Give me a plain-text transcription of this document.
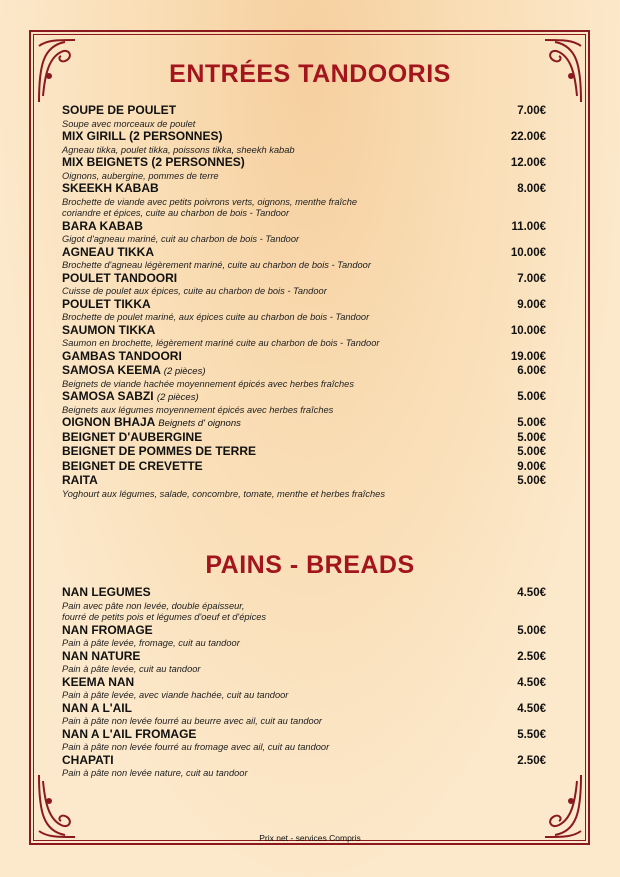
ENTRÉES TANDOORIS
SOUPE DE POULET	7.00€
Soupe avec morceaux de poulet
MIX GIRILL (2 PERSONNES)	22.00€
Agneau tikka, poulet tikka, poissons tikka, sheekh kabab
MIX BEIGNETS (2 PERSONNES)	12.00€
Oignons, aubergine, pommes de terre
SKEEKH KABAB	8.00€
Brochette de viande avec petits poivrons verts, oignons, menthe fraîche
coriandre et épices, cuite au charbon de bois - Tandoor
BARA KABAB	11.00€
Gigot d'agneau mariné, cuit au charbon de bois - Tandoor
AGNEAU TIKKA	10.00€
Brochette d'agneau légèrement mariné, cuite au charbon de bois - Tandoor
POULET TANDOORI	7.00€
Cuisse de poulet aux épices, cuite au charbon de bois - Tandoor
POULET TIKKA	9.00€
Brochette de poulet mariné, aux épices cuite au charbon de bois - Tandoor
SAUMON TIKKA	10.00€
Saumon en brochette, légèrement mariné cuite au charbon de bois - Tandoor
GAMBAS TANDOORI	19.00€
SAMOSA KEEMA (2 pièces)	6.00€
Beignets de viande hachée moyennement épicés avec herbes fraîches
SAMOSA SABZI (2 pièces)	5.00€
Beignets aux légumes moyennement épicés avec herbes fraîches
OIGNON BHAJA Beignets d' oignons	5.00€
BEIGNET D'AUBERGINE	5.00€
BEIGNET DE POMMES DE TERRE	5.00€
BEIGNET DE CREVETTE	9.00€
RAITA	5.00€
Yoghourt aux légumes, salade, concombre, tomate, menthe et herbes fraîches
PAINS - BREADS
NAN LEGUMES	4.50€
Pain avec pâte non levée, double épaisseur,
fourré de petits pois et légumes d'oeuf et d'épices
NAN FROMAGE	5.00€
Pain à pâte levée, fromage, cuit au tandoor
NAN NATURE	2.50€
Pain à pâte levée, cuit au tandoor
KEEMA NAN	4.50€
Pain à pâte levée, avec viande hachée, cuit au tandoor
NAN A L'AIL	4.50€
Pain à pâte non levée fourré au beurre avec ail, cuit au tandoor
NAN A L'AIL FROMAGE	5.50€
Pain à pâte non levée fourré au fromage avec ail, cuit au tandoor
CHAPATI	2.50€
Pain à pâte non levée nature, cuit au tandoor
Prix net - services Compris
